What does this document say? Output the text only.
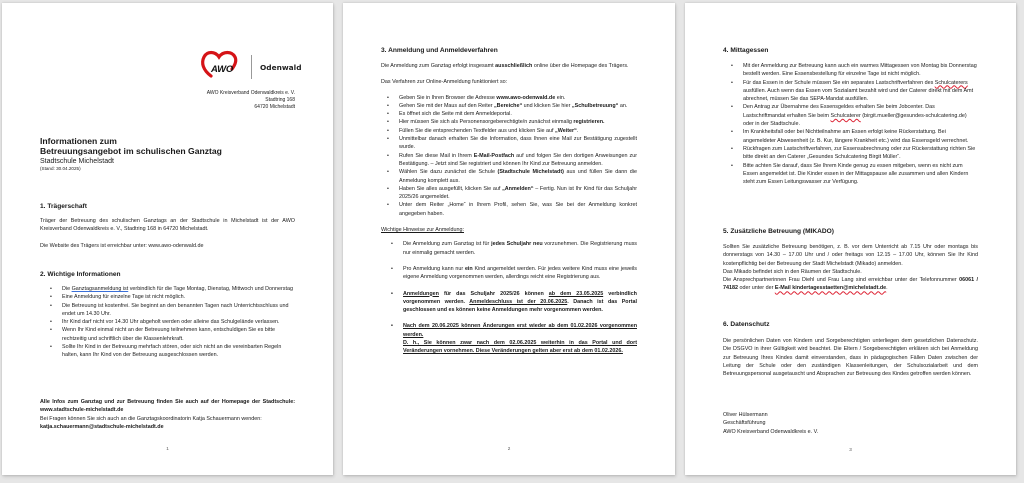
AWO	Odenwald
AWO Kreisverband Odenwaldkreis e. V.
Stadtring 168
64720 Michelstadt

Informationen zum

Betreuungsangebot im schulischen Ganztag

Stadtschule Michelstadt

(Stand: 30.04.2025)

1. Trägerschaft
Träger der Betreuung des schulischen Ganztags an der Stadtschule in Michelstadt ist der AWO Kreisverband Odenwaldkreis e. V., Stadtring 168 in 64720 Michelstadt.
Die Website des Trägers ist erreichbar unter: www.awo-odenwald.de
2. Wichtige Informationen
• Die Ganztagsanmeldung ist verbindlich für die Tage Montag, Dienstag, Mittwoch und Donnerstag
• Eine Anmeldung für einzelne Tage ist nicht möglich.
• Die Betreuung ist kostenfrei. Sie beginnt an den benannten Tagen nach Unterrichtsschluss und endet um 14.30 Uhr.
• Ihr Kind darf nicht vor 14.30 Uhr abgeholt werden oder alleine das Schulgelände verlassen.
• Wenn Ihr Kind einmal nicht an der Betreuung teilnehmen kann, entschuldigen Sie es bitte rechtzeitig und schriftlich über die Klassenlehrkraft.
• Sollte Ihr Kind in der Betreuung mehrfach stören, oder sich nicht an die vereinbarten Regeln halten, kann Ihr Kind von der Betreuung ausgeschlossen werden.
Alle Infos zum Ganztag und zur Betreuung finden Sie auch auf der Homepage der Stadtschule: www.stadtschule-michelstadt.de
Bei Fragen können Sie sich auch an die Ganztagskoordinatorin Katja Schauermann wenden:
katja.schauermann@stadtschule-michelstadt.de
1
3. Anmeldung und Anmeldeverfahren
Die Anmeldung zum Ganztag erfolgt insgesamt ausschließlich online über die Homepage des Trägers.
Das Verfahren zur Online-Anmeldung funktioniert so:
• Geben Sie in Ihren Browser die Adresse www.awo-odenwald.de ein.
• Gehen Sie mit der Maus auf den Reiter „Bereiche“ und klicken Sie hier „Schulbetreuung“ an.
• Es öffnet sich die Seite mit dem Anmeldeportal.
• Hier müssen Sie sich als Personensorgeberechtigte/n zunächst einmalig registrieren.
• Füllen Sie die entsprechenden Textfelder aus und klicken Sie auf „Weiter“.
• Unmittelbar danach erhalten Sie die Information, dass Ihnen eine Mail zur Bestätigung zugestellt wurde.
• Rufen Sie diese Mail in Ihrem E-Mail-Postfach auf und folgen Sie den dortigen Anweisungen zur Bestätigung. – Jetzt sind Sie registriert und können Ihr Kind zur Betreuung anmelden.
• Wählen Sie dazu zunächst die Schule (Stadtschule Michelstadt) aus und füllen Sie dann die Anmeldung komplett aus.
• Haben Sie alles ausgefüllt, klicken Sie auf „Anmelden“ – Fertig. Nun ist Ihr Kind für das Schuljahr 2025/26 angemeldet.
• Unter dem Reiter „Home“ in Ihrem Profil, sehen Sie, was Sie bei der Anmeldung konkret angegeben haben.
Wichtige Hinweise zur Anmeldung:
• Die Anmeldung zum Ganztag ist für jedes Schuljahr neu vorzunehmen. Die Registrierung muss nur einmalig gemacht werden.
• Pro Anmeldung kann nur ein Kind angemeldet werden. Für jedes weitere Kind muss eine jeweils eigene Anmeldung vorgenommen werden, allerdings reicht eine Registrierung aus.
• Anmeldungen für das Schuljahr 2025/26 können ab dem 23.05.2025 verbindlich vorgenommen werden. Anmeldeschluss ist der 20.06.2025. Danach ist das Portal geschlossen und es können keine Anmeldungen mehr vorgenommen werden.
• Nach dem 20.06.2025 können Änderungen erst wieder ab dem 01.02.2026 vorgenommen werden.
D. h., Sie können zwar nach dem 02.06.2025 weiterhin in das Portal und dort Veränderungen vornehmen. Diese Veränderungen gelten aber erst ab dem 01.02.2026.
2
4. Mittagessen
• Mit der Anmeldung zur Betreuung kann auch ein warmes Mittagessen von Montag bis Donnerstag bestellt werden. Eine Essensbestellung für einzelne Tage ist nicht möglich.
• Für das Essen in der Schule müssen Sie ein separates Lastschriftverfahren des Schulcaterers ausfüllen. Auch wenn das Essen vom Sozialamt bezahlt wird und der Caterer direkt mit dem Amt abrechnet, müssen Sie das SEPA-Mandat ausfüllen.
• Den Antrag zur Übernahme des Essensgeldes erhalten Sie beim Jobcenter. Das Lastschriftmandat erhalten Sie beim Schulcaterer (birgit.mueller@gesundes-schulcatering.de) oder in der Stadtschule.
• Im Krankheitsfall oder bei Nichtteilnahme am Essen erfolgt keine Rückerstattung. Bei angemeldeter Abwesenheit (z. B. Kur, längere Krankheit etc.) wird das Essensgeld verrechnet.
• Rückfragen zum Lastschriftverfahren, zur Essensabrechnung oder zur Rückerstattung richten Sie bitte direkt an den Caterer „Gesundes Schulcatering Birgit Müller“.
• Bitte achten Sie darauf, dass Sie Ihrem Kinde genug zu essen mitgeben, wenn es nicht zum Essen angemeldet ist. Die Kinder essen in der Mittagspause alle zusammen und allen Kindern steht zum Essen Leitungswasser zur Verfügung.
5. Zusätzliche Betreuung (MIKADO)
Sollten Sie zusätzliche Betreuung benötigen, z. B. vor dem Unterricht ab 7.15 Uhr oder montags bis donnerstags von 14.30 – 17.00 Uhr und / oder freitags von 12.15 – 17.00 Uhr, können Sie Ihr Kind kostenpflichtig bei der Betreuung der Stadt Michelstadt (Mikado) anmelden.
Das Mikado befindet sich in den Räumen der Stadtschule.
Die Ansprechpartnerinnen Frau Diehl und Frau Lang sind erreichbar unter der Telefonnummer 06061 / 74182 oder unter der E-Mail kindertagesstaetten@michelstadt.de.
6. Datenschutz
Die persönlichen Daten von Kindern und Sorgeberechtigten unterliegen dem gesetzlichen Datenschutz. Die DSGVO in ihrer Gültigkeit wird beachtet. Die Eltern / Sorgeberechtigten erklären sich bei Anmeldung zur Betreuung Ihres Kindes damit einverstanden, dass in pädagogischen Fällen Daten zwischen der Leitung der Schule oder den zuständigen Klassenleitungen, der Schulsozialarbeit und dem Betreuungspersonal ausgetauscht und Absprachen zur Betreuung des Kindes getroffen werden können.
Oliver Hülsermann
Geschäftsführung
AWO Kreisverband Odenwaldkreis e. V.
3
